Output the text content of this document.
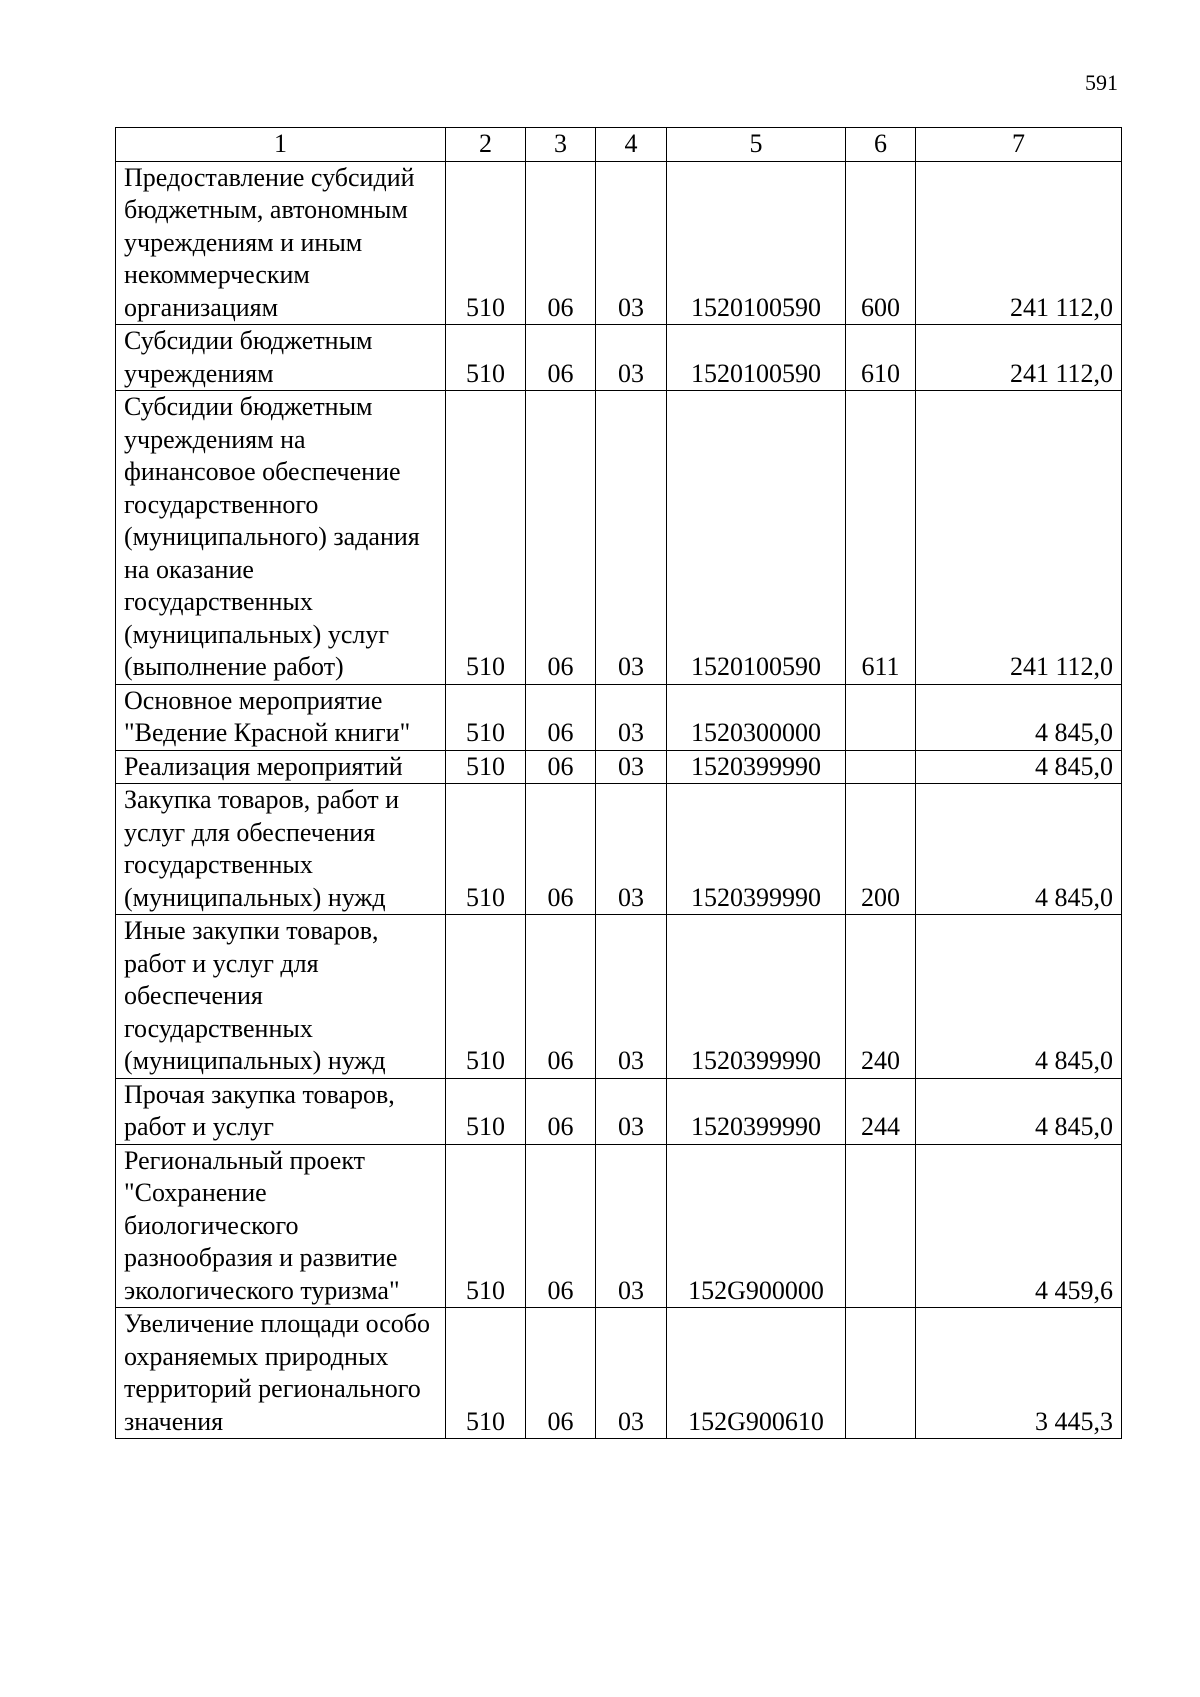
591
1	2	3	4	5	6	7
Предоставление субсидий бюджетным, автономным учреждениям и иным некоммерческим организациям	510	06	03	1520100590	600	241 112,0
Субсидии бюджетным учреждениям	510	06	03	1520100590	610	241 112,0
Субсидии бюджетным учреждениям на финансовое обеспечение государственного (муниципального) задания на оказание государственных (муниципальных) услуг (выполнение работ)	510	06	03	1520100590	611	241 112,0
Основное мероприятие "Ведение Красной книги"	510	06	03	1520300000		4 845,0
Реализация мероприятий	510	06	03	1520399990		4 845,0
Закупка товаров, работ и услуг для обеспечения государственных (муниципальных) нужд	510	06	03	1520399990	200	4 845,0
Иные закупки товаров, работ и услуг для обеспечения государственных (муниципальных) нужд	510	06	03	1520399990	240	4 845,0
Прочая закупка товаров, работ и услуг	510	06	03	1520399990	244	4 845,0
Региональный проект "Сохранение биологического разнообразия и развитие экологического туризма"	510	06	03	152G900000		4 459,6
Увеличение площади особо охраняемых природных территорий регионального значения	510	06	03	152G900610		3 445,3
